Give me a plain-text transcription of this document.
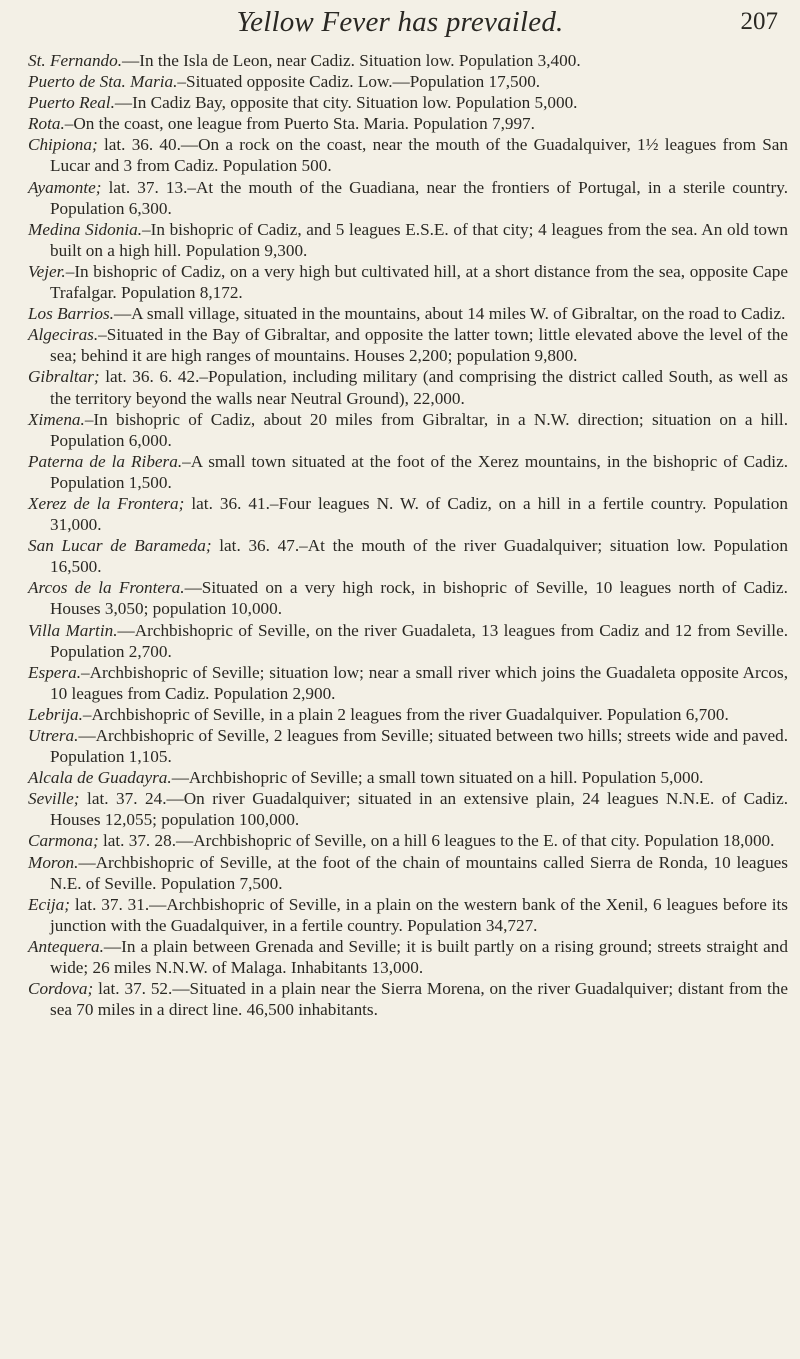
Yellow Fever has prevailed.	207

St. Fernando.—In the Isla de Leon, near Cadiz. Situation low. Population 3,400.

Puerto de Sta. Maria.–Situated opposite Cadiz. Low.—Population 17,500.

Puerto Real.—In Cadiz Bay, opposite that city. Situation low. Population 5,000.

Rota.–On the coast, one league from Puerto Sta. Maria. Population 7,997.

Chipiona; lat. 36. 40.—On a rock on the coast, near the mouth of the Guadalquiver, 1½ leagues from San Lucar and 3 from Cadiz. Population 500.

Ayamonte; lat. 37. 13.–At the mouth of the Guadiana, near the frontiers of Portugal, in a sterile country. Population 6,300.

Medina Sidonia.–In bishopric of Cadiz, and 5 leagues E.S.E. of that city; 4 leagues from the sea. An old town built on a high hill. Population 9,300.

Vejer.–In bishopric of Cadiz, on a very high but cultivated hill, at a short distance from the sea, opposite Cape Trafalgar. Population 8,172.

Los Barrios.—A small village, situated in the mountains, about 14 miles W. of Gibraltar, on the road to Cadiz.

Algeciras.–Situated in the Bay of Gibraltar, and opposite the latter town; little elevated above the level of the sea; behind it are high ranges of mountains. Houses 2,200; population 9,800.

Gibraltar; lat. 36. 6. 42.–Population, including military (and comprising the district called South, as well as the territory beyond the walls near Neutral Ground), 22,000.

Ximena.–In bishopric of Cadiz, about 20 miles from Gibraltar, in a N.W. direction; situation on a hill. Population 6,000.

Paterna de la Ribera.–A small town situated at the foot of the Xerez mountains, in the bishopric of Cadiz. Population 1,500.

Xerez de la Frontera; lat. 36. 41.–Four leagues N. W. of Cadiz, on a hill in a fertile country. Population 31,000.

San Lucar de Barameda; lat. 36. 47.–At the mouth of the river Guadalquiver; situation low. Population 16,500.

Arcos de la Frontera.—Situated on a very high rock, in bishopric of Seville, 10 leagues north of Cadiz. Houses 3,050; population 10,000.

Villa Martin.—Archbishopric of Seville, on the river Guadaleta, 13 leagues from Cadiz and 12 from Seville. Population 2,700.

Espera.–Archbishopric of Seville; situation low; near a small river which joins the Guadaleta opposite Arcos, 10 leagues from Cadiz. Population 2,900.

Lebrija.–Archbishopric of Seville, in a plain 2 leagues from the river Guadalquiver. Population 6,700.

Utrera.—Archbishopric of Seville, 2 leagues from Seville; situated between two hills; streets wide and paved. Population 1,105.

Alcala de Guadayra.—Archbishopric of Seville; a small town situated on a hill. Population 5,000.

Seville; lat. 37. 24.—On river Guadalquiver; situated in an extensive plain, 24 leagues N.N.E. of Cadiz. Houses 12,055; population 100,000.

Carmona; lat. 37. 28.—Archbishopric of Seville, on a hill 6 leagues to the E. of that city. Population 18,000.

Moron.—Archbishopric of Seville, at the foot of the chain of mountains called Sierra de Ronda, 10 leagues N.E. of Seville. Population 7,500.

Ecija; lat. 37. 31.—Archbishopric of Seville, in a plain on the western bank of the Xenil, 6 leagues before its junction with the Guadalquiver, in a fertile country. Population 34,727.

Antequera.—In a plain between Grenada and Seville; it is built partly on a rising ground; streets straight and wide; 26 miles N.N.W. of Malaga. Inhabitants 13,000.

Cordova; lat. 37. 52.—Situated in a plain near the Sierra Morena, on the river Guadalquiver; distant from the sea 70 miles in a direct line. 46,500 inhabitants.
